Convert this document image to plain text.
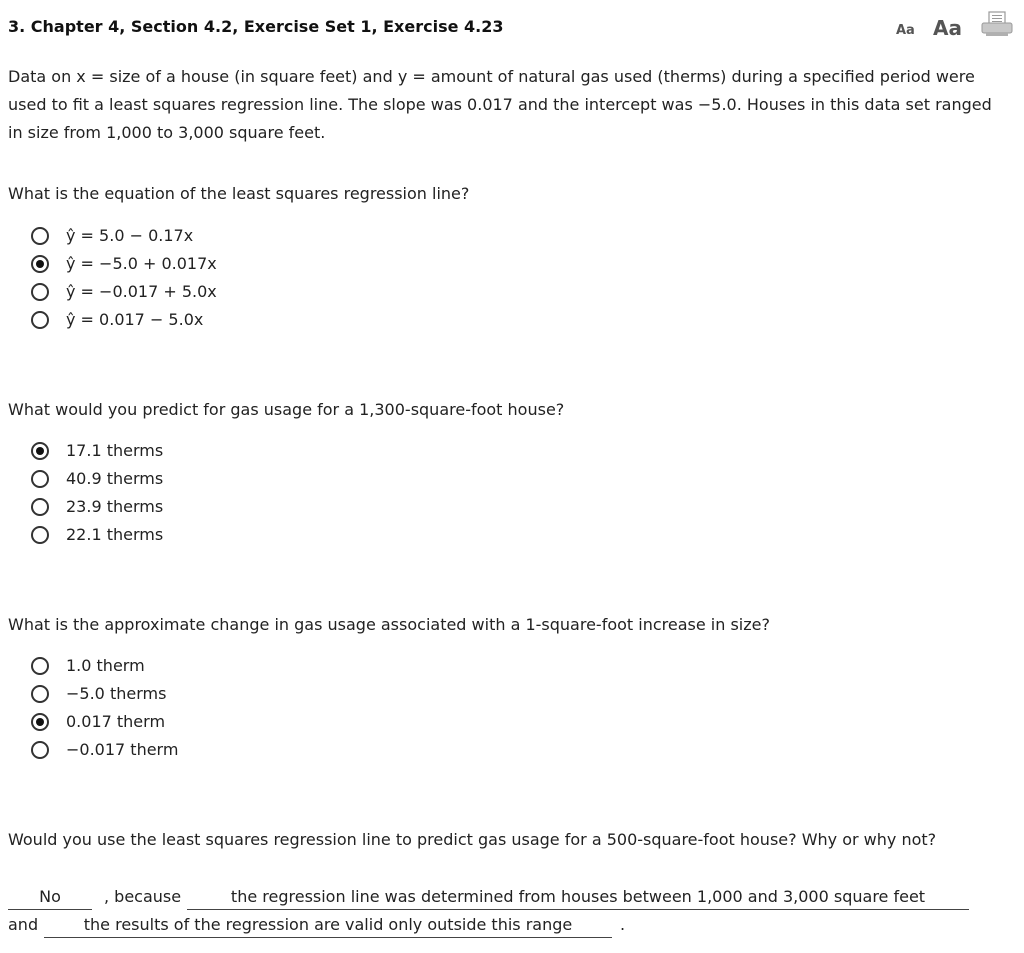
3. Chapter 4, Section 4.2, Exercise Set 1, Exercise 4.23	Aa Aa
Data on x = size of a house (in square feet) and y = amount of natural gas used (therms) during a specified period were used to fit a least squares regression line. The slope was 0.017 and the intercept was −5.0. Houses in this data set ranged in size from 1,000 to 3,000 square feet.
What is the equation of the least squares regression line?
ŷ = 5.0 − 0.17x
ŷ = −5.0 + 0.017x
ŷ = −0.017 + 5.0x
ŷ = 0.017 − 5.0x
What would you predict for gas usage for a 1,300-square-foot house?
17.1 therms
40.9 therms
23.9 therms
22.1 therms
What is the approximate change in gas usage associated with a 1-square-foot increase in size?
1.0 therm
−5.0 therms
0.017 therm
−0.017 therm
Would you use the least squares regression line to predict gas usage for a 500-square-foot house? Why or why not?
No	, because	the regression line was determined from houses between 1,000 and 3,000 square feet
and	the results of the regression are valid only outside this range	.
